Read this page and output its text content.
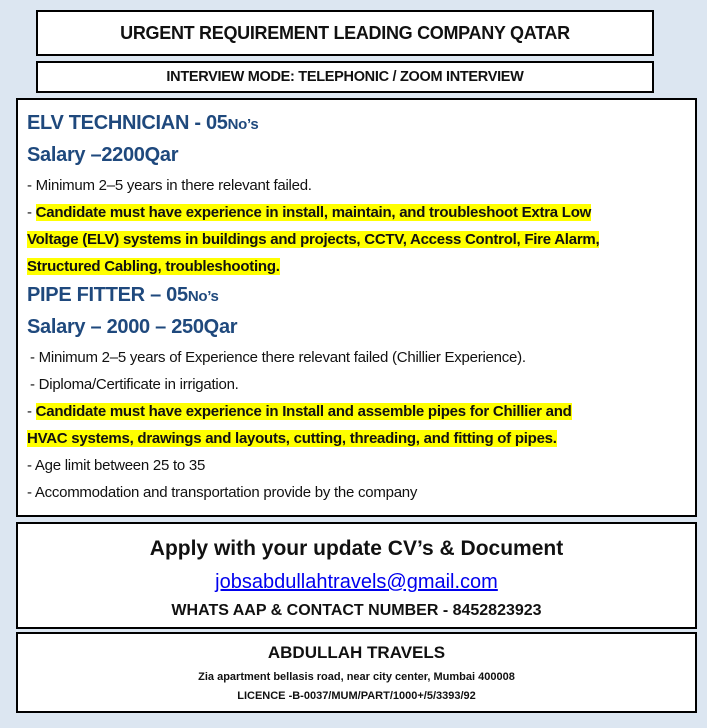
URGENT REQUIREMENT LEADING COMPANY QATAR
INTERVIEW MODE: TELEPHONIC / ZOOM INTERVIEW
ELV TECHNICIAN - 05No’s
Salary –2200Qar
- Minimum 2–5 years in there relevant failed.
- Candidate must have experience in install, maintain, and troubleshoot Extra Low
Voltage (ELV) systems in buildings and projects, CCTV, Access Control, Fire Alarm,
Structured Cabling, troubleshooting.
PIPE FITTER – 05No’s
Salary – 2000 – 250Qar
- Minimum 2–5 years of Experience there relevant failed (Chillier Experience).
- Diploma/Certificate in irrigation.
- Candidate must have experience in Install and assemble pipes for Chillier and
HVAC systems, drawings and layouts, cutting, threading, and fitting of pipes.
- Age limit between 25 to 35
- Accommodation and transportation provide by the company
Apply with your update CV’s & Document
jobsabdullahtravels@gmail.com
WHATS AAP & CONTACT NUMBER - 8452823923
ABDULLAH TRAVELS
Zia apartment bellasis road, near city center, Mumbai 400008
LICENCE -B-0037/MUM/PART/1000+/5/3393/92
